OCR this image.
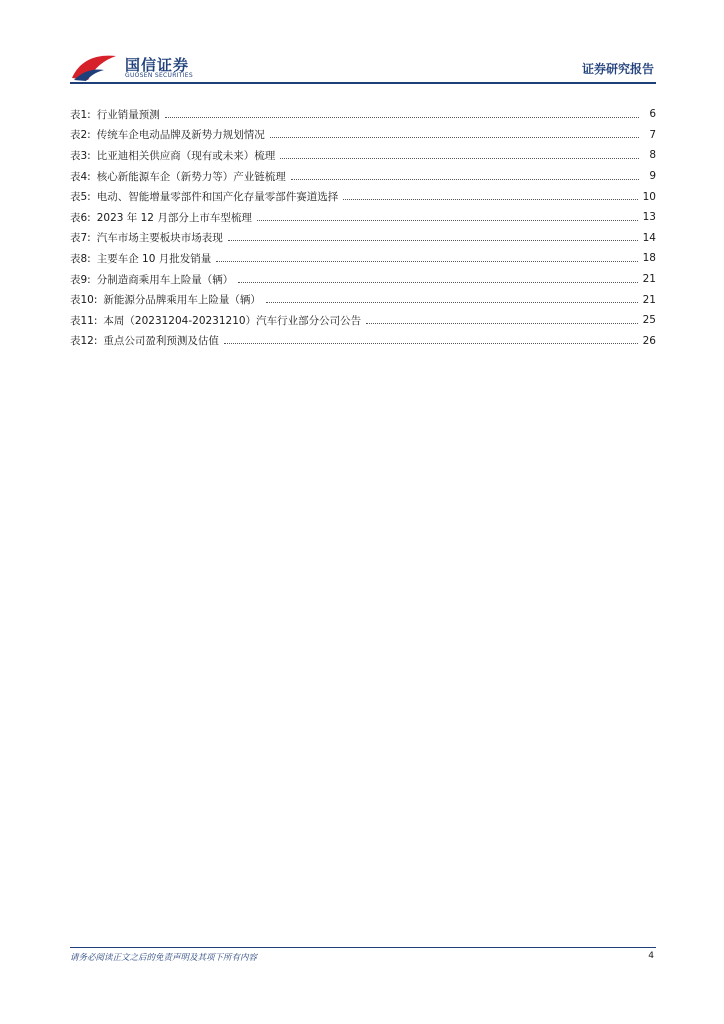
国信证券
GUOSEN SECURITIES	证券研究报告
表1: 行业销量预测	6
表2: 传统车企电动品牌及新势力规划情况	7
表3: 比亚迪相关供应商（现有或未来）梳理	8
表4: 核心新能源车企（新势力等）产业链梳理	9
表5: 电动、智能增量零部件和国产化存量零部件赛道选择	10
表6: 2023 年 12 月部分上市车型梳理	13
表7: 汽车市场主要板块市场表现	14
表8: 主要车企 10 月批发销量	18
表9: 分制造商乘用车上险量（辆）	21
表10: 新能源分品牌乘用车上险量（辆）	21
表11: 本周（20231204-20231210）汽车行业部分公司公告	25
表12: 重点公司盈利预测及估值	26
请务必阅读正文之后的免责声明及其项下所有内容	4
